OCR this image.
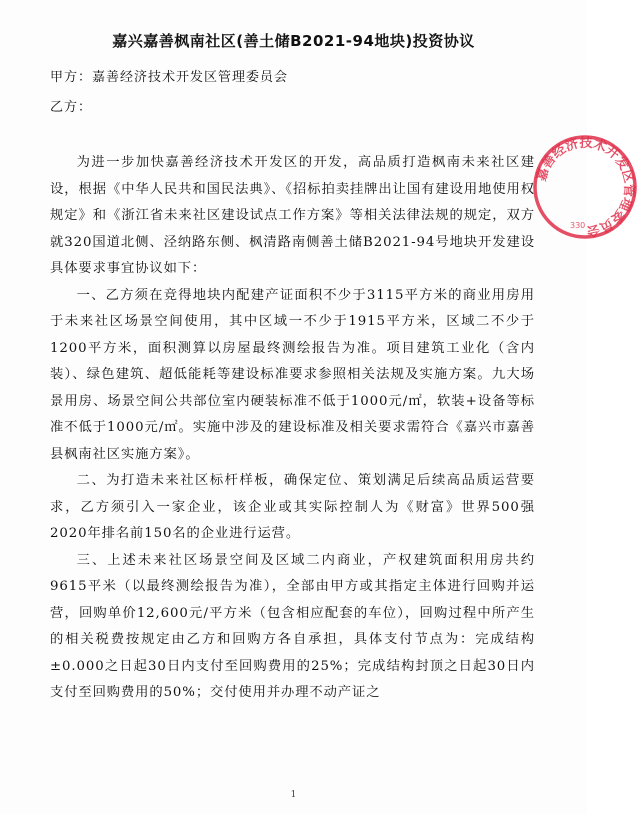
嘉兴嘉善枫南社区(善土储B2021-94地块)投资协议
甲方：嘉善经济技术开发区管理委员会
乙方：

为进一步加快嘉善经济技术开发区的开发，高品质打造枫南未来社区建设，根据《中华人民共和国民法典》、《招标拍卖挂牌出让国有建设用地使用权规定》和《浙江省未来社区建设试点工作方案》等相关法律法规的规定，双方就320国道北侧、泾纳路东侧、枫清路南侧善土储B2021-94号地块开发建设具体要求事宜协议如下：

一、乙方须在竞得地块内配建产证面积不少于3115平方米的商业用房用于未来社区场景空间使用，其中区域一不少于1915平方米，区域二不少于1200平方米，面积测算以房屋最终测绘报告为准。项目建筑工业化（含内装）、绿色建筑、超低能耗等建设标准要求参照相关法规及实施方案。九大场景用房、场景空间公共部位室内硬装标准不低于1000元/㎡，软装+设备等标准不低于1000元/㎡。实施中涉及的建设标准及相关要求需符合《嘉兴市嘉善县枫南社区实施方案》。

二、为打造未来社区标杆样板，确保定位、策划满足后续高品质运营要求，乙方须引入一家企业，该企业或其实际控制人为《财富》世界500强2020年排名前150名的企业进行运营。

三、上述未来社区场景空间及区域二内商业，产权建筑面积用房共约9615平米（以最终测绘报告为准），全部由甲方或其指定主体进行回购并运营，回购单价12,600元/平方米（包含相应配套的车位），回购过程中所产生的相关税费按规定由乙方和回购方各自承担，具体支付节点为：完成结构±0.000之日起30日内支付至回购费用的25%；完成结构封顶之日起30日内支付至回购费用的50%；交付使用并办理不动产证之

嘉善经济技术开发区管理委员会
330
1
